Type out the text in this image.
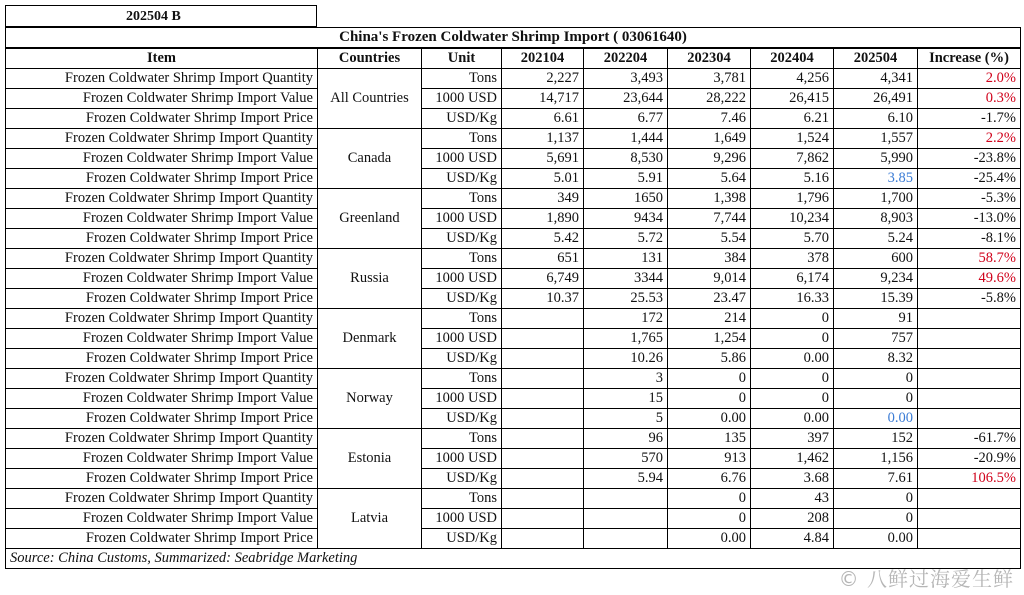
202504 B
China's Frozen Coldwater Shrimp Import ( 03061640)								
Item	Countries	Unit	202104	202204	202304	202404	202504	Increase (%)
Frozen Coldwater Shrimp Import Quantity	All Countries	Tons	2,227	3,493	3,781	4,256	4,341	2.0%
Frozen Coldwater Shrimp Import Value		1000 USD	14,717	23,644	28,222	26,415	26,491	0.3%
Frozen Coldwater Shrimp Import Price		USD/Kg	6.61	6.77	7.46	6.21	6.10	-1.7%
Frozen Coldwater Shrimp Import Quantity	Canada	Tons	1,137	1,444	1,649	1,524	1,557	2.2%
Frozen Coldwater Shrimp Import Value		1000 USD	5,691	8,530	9,296	7,862	5,990	-23.8%
Frozen Coldwater Shrimp Import Price		USD/Kg	5.01	5.91	5.64	5.16	3.85	-25.4%
Frozen Coldwater Shrimp Import Quantity	Greenland	Tons	349	1650	1,398	1,796	1,700	-5.3%
Frozen Coldwater Shrimp Import Value		1000 USD	1,890	9434	7,744	10,234	8,903	-13.0%
Frozen Coldwater Shrimp Import Price		USD/Kg	5.42	5.72	5.54	5.70	5.24	-8.1%
Frozen Coldwater Shrimp Import Quantity	Russia	Tons	651	131	384	378	600	58.7%
Frozen Coldwater Shrimp Import Value		1000 USD	6,749	3344	9,014	6,174	9,234	49.6%
Frozen Coldwater Shrimp Import Price		USD/Kg	10.37	25.53	23.47	16.33	15.39	-5.8%
Frozen Coldwater Shrimp Import Quantity	Denmark	Tons		172	214	0	91	
Frozen Coldwater Shrimp Import Value		1000 USD		1,765	1,254	0	757	
Frozen Coldwater Shrimp Import Price		USD/Kg		10.26	5.86	0.00	8.32	
Frozen Coldwater Shrimp Import Quantity	Norway	Tons		3	0	0	0	
Frozen Coldwater Shrimp Import Value		1000 USD		15	0	0	0	
Frozen Coldwater Shrimp Import Price		USD/Kg		5	0.00	0.00	0.00	
Frozen Coldwater Shrimp Import Quantity	Estonia	Tons		96	135	397	152	-61.7%
Frozen Coldwater Shrimp Import Value		1000 USD		570	913	1,462	1,156	-20.9%
Frozen Coldwater Shrimp Import Price		USD/Kg		5.94	6.76	3.68	7.61	106.5%
Frozen Coldwater Shrimp Import Quantity	Latvia	Tons			0	43	0	
Frozen Coldwater Shrimp Import Value		1000 USD			0	208	0	
Frozen Coldwater Shrimp Import Price		USD/Kg			0.00	4.84	0.00	
Source: China Customs, Summarized: Seabridge Marketing								
© 八鲜过海爱生鲜
